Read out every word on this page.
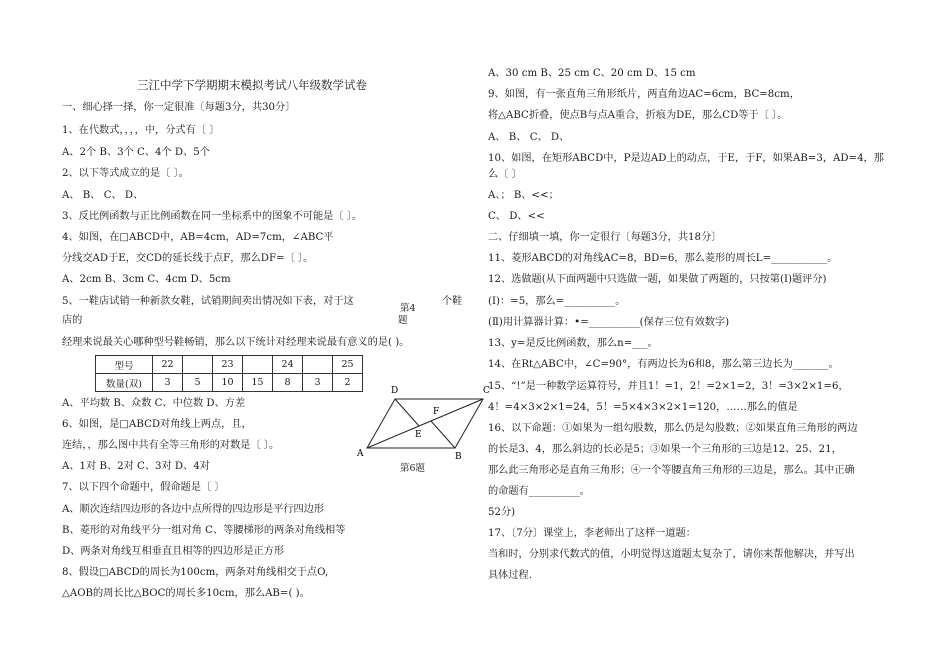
三江中学下学期期末模拟考试八年级数学试卷
一、细心择一择，你一定很准〔每题3分，共30分〕
1、在代数式，，，，中，分式有〔 〕
A、2个 B、3个 C、4个 D、5个
2、以下等式成立的是〔 〕。
A、 B、 C、 D、
3、反比例函数与正比例函数在同一坐标系中的图象不可能是〔 〕。
4、如图，在□ABCD中，AB=4cm，AD=7cm，∠ABC平
分线交AD于E，交CD的延长线于点F，那么DF=〔 〕。
A、2cm B、3cm C、4cm D、5cm
5、一鞋店试销一种新款女鞋，试销期间卖出情况如下表，对于这
第4
题
个鞋
店的
经理来说最关心哪种型号鞋畅销，那么以下统计对经理来说最有意义的是( )。
型号	22		23		24		25
数量(双)	3	5	10	15	8	3	2
A、平均数 B、众数 C、中位数 D、方差
6、如图，是□ABCD对角线上两点，且，
连结，，那么图中共有全等三角形的对数是〔 〕。
A、1对 B、2对 C、3对 D、4对
7、以下四个命题中，假命题是〔 〕
A、顺次连结四边形的各边中点所得的四边形是平行四边形
B、菱形的对角线平分一组对角 C、等腰梯形的两条对角线相等
D、两条对角线互相垂直且相等的四边形是正方形
8、假设□ABCD的周长为100cm，两条对角线相交于点O,
△AOB的周长比△BOC的周长多10cm，那么AB=( )。
A	B
C
D
E
F
第6题
A、30 cm B、25 cm C、20 cm D、15 cm
9、如图，有一张直角三角形纸片，两直角边AC=6cm，BC=8cm，
将△ABC折叠，使点B与点A重合，折痕为DE，那么CD等于〔 〕。
A、 B、 C、 D、
10、如图，在矩形ABCD中，P是边AD上的动点，于E，于F，如果AB=3，AD=4，那
么〔 〕
A、； B、<<；
C、 D、<<
二、仔细填一填，你一定很行〔每题3分，共18分〕
11、菱形ABCD的对角线AC=8，BD=6，那么菱形的周长L=___________。
12、选做题(从下面两题中只选做一题，如果做了两题的，只按第(Ⅰ)题评分)
(Ⅰ)：=5，那么=__________。
(Ⅱ)用计算器计算：•=__________(保存三位有效数字)
13、y=是反比例函数，那么n=___。
14、在Rt△ABC中，∠C=90°，有两边长为6和8，那么第三边长为_______。
15、“!”是一种数学运算符号，并且1！=1，2！=2×1=2，3！=3×2×1=6，
4！=4×3×2×1=24，5！=5×4×3×2×1=120，……那么的值是
16、以下命题：①如果为一组勾股数，那么仍是勾股数；②如果直角三角形的两边
的长是3、4，那么斜边的长必是5；③如果一个三角形的三边是12、25、21，
那么此三角形必是直角三角形；④一个等腰直角三角形的三边是，那么。其中正确
的命题有__________。
52分)
17、〔7分〕课堂上，李老师出了这样一道题：
当和时，分别求代数式的值，小明觉得这道题太复杂了，请你来帮他解决，并写出
具体过程.
